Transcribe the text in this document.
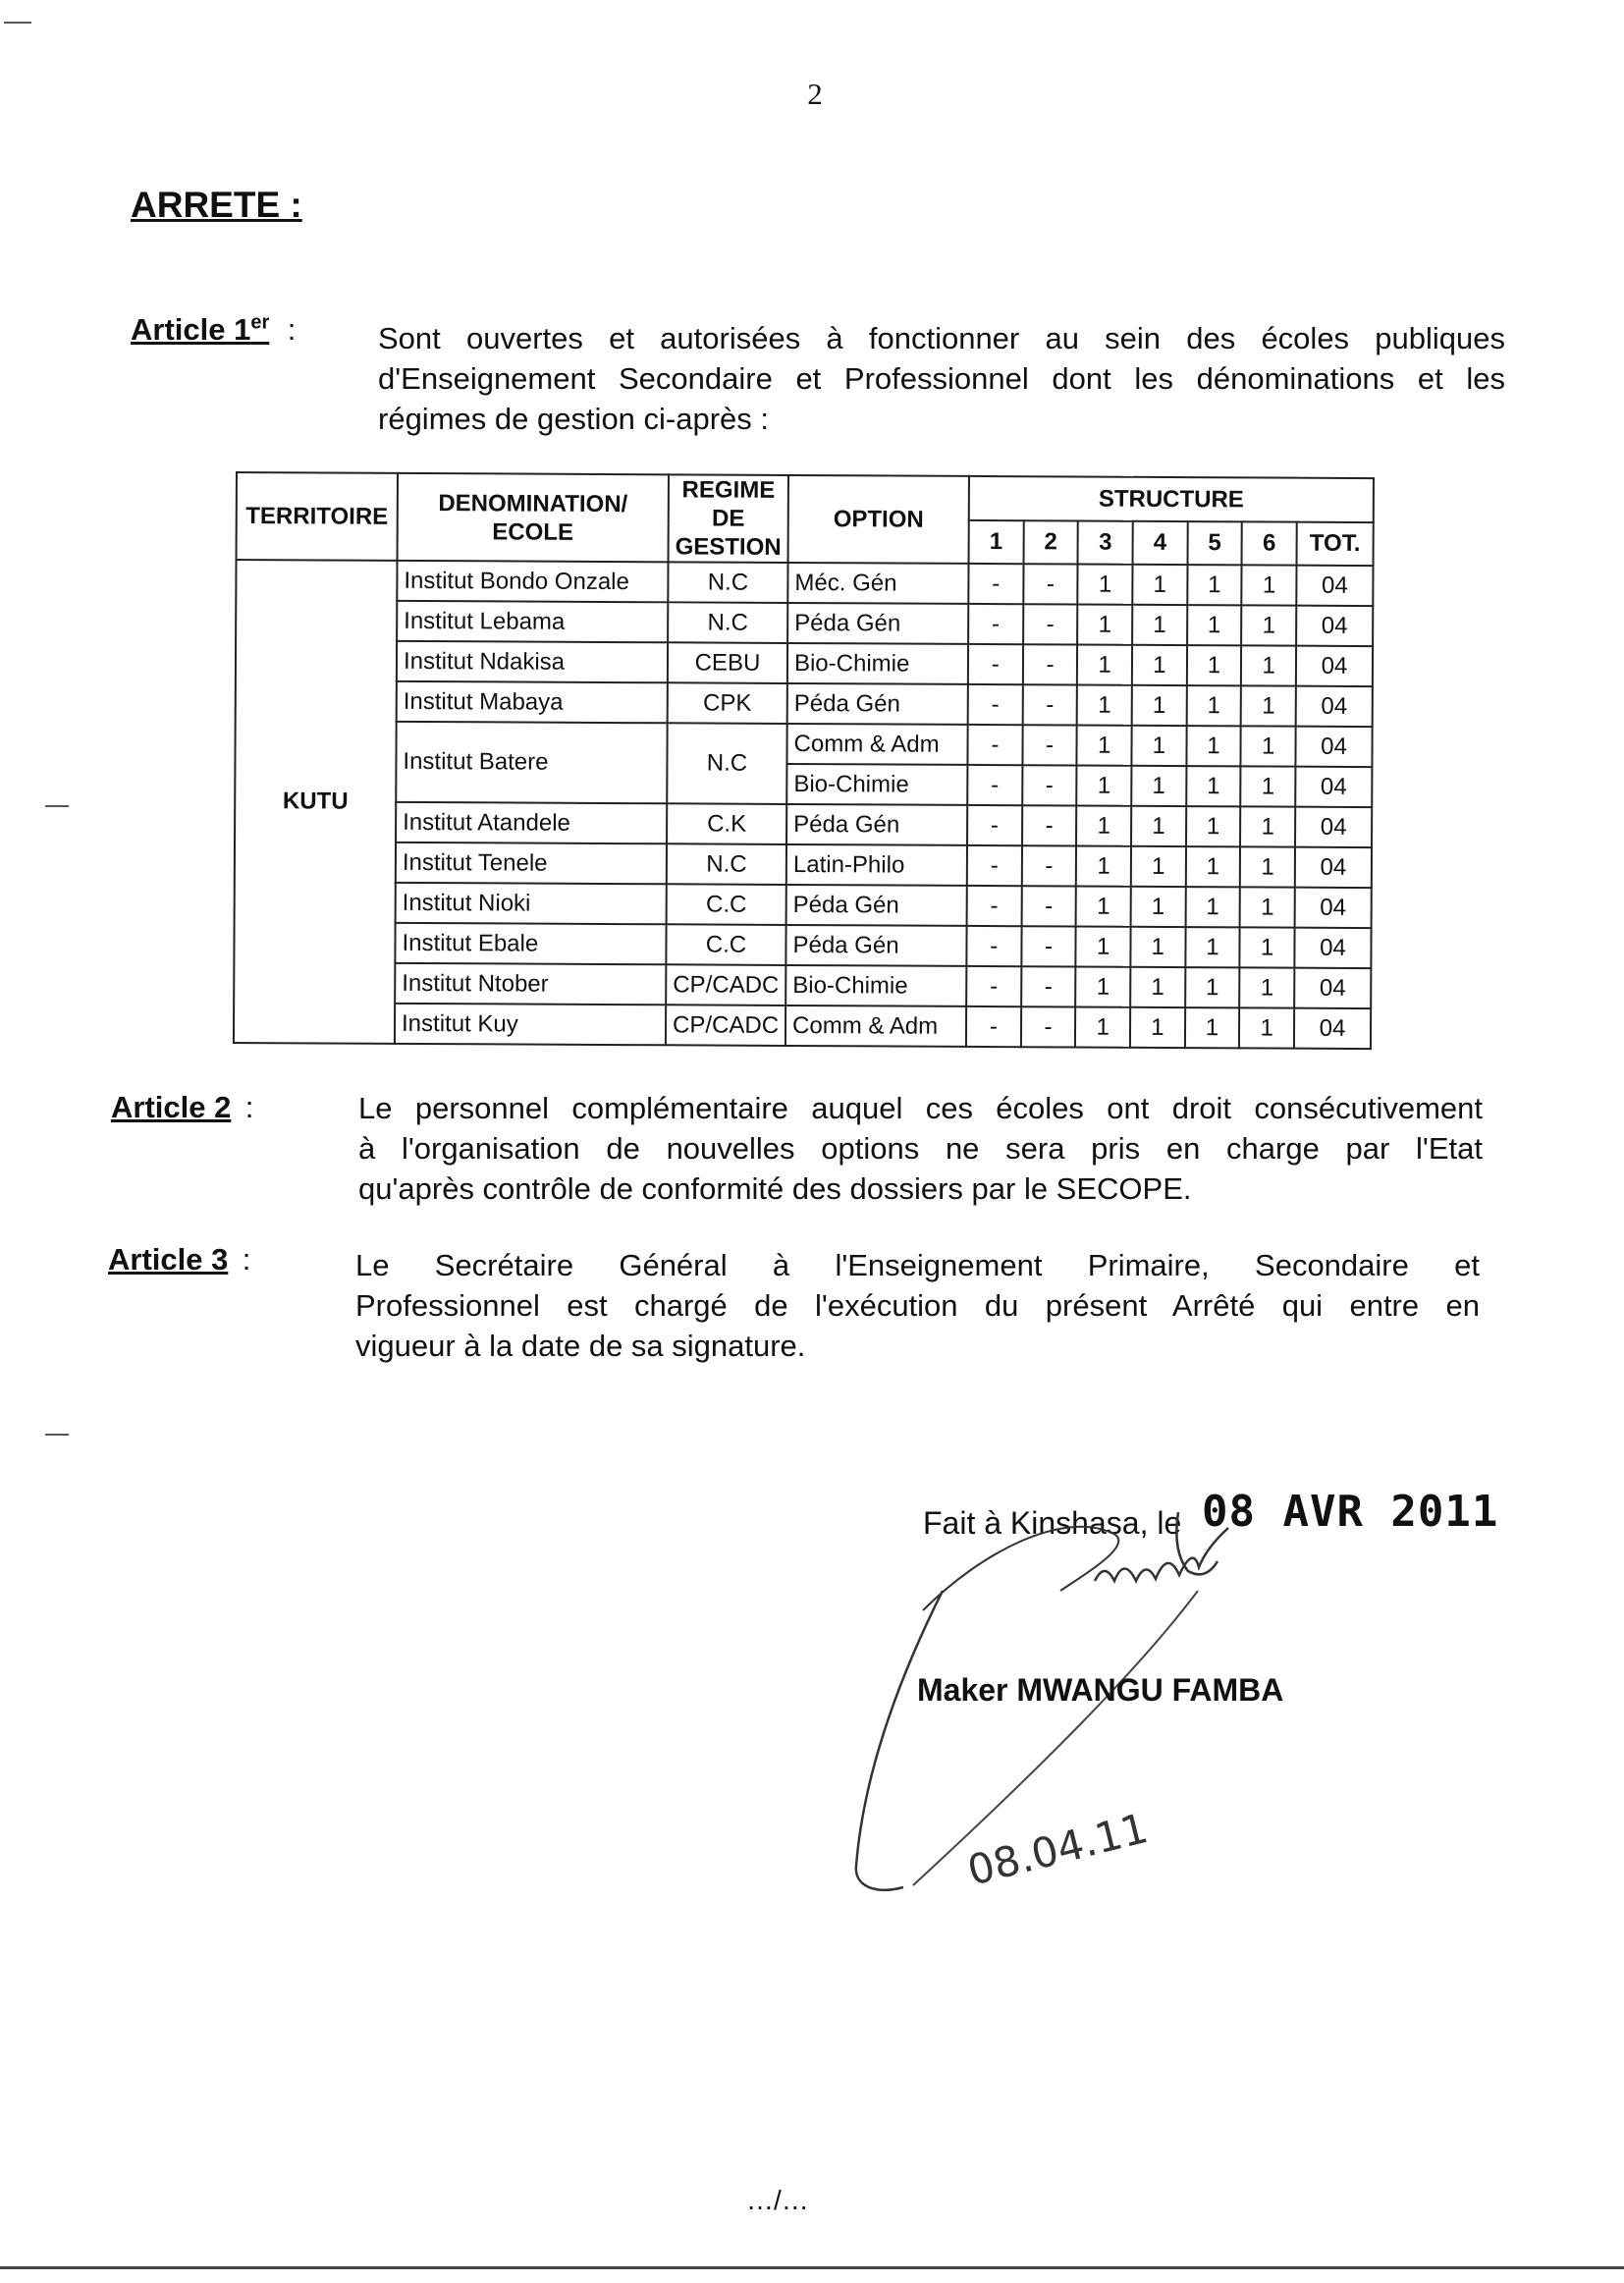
2
ARRETE :
Article 1er :	Sont ouvertes et autorisées à fonctionner au sein des écoles publiques
d'Enseignement Secondaire et Professionnel dont les dénominations et les
régimes de gestion ci-après :
TERRITOIRE	DENOMINATION/ ECOLE	REGIME DE GESTION	OPTION	STRUCTURE						
				1	2	3	4	5	6	TOT.
KUTU	Institut Bondo Onzale	N.C	Méc. Gén	-	-	1	1	1	1	04
	Institut Lebama	N.C	Péda Gén	-	-	1	1	1	1	04
	Institut Ndakisa	CEBU	Bio-Chimie	-	-	1	1	1	1	04
	Institut Mabaya	CPK	Péda Gén	-	-	1	1	1	1	04
	Institut Batere	N.C	Comm & Adm	-	-	1	1	1	1	04
			Bio-Chimie	-	-	1	1	1	1	04
	Institut Atandele	C.K	Péda Gén	-	-	1	1	1	1	04
	Institut Tenele	N.C	Latin-Philo	-	-	1	1	1	1	04
	Institut Nioki	C.C	Péda Gén	-	-	1	1	1	1	04
	Institut Ebale	C.C	Péda Gén	-	-	1	1	1	1	04
	Institut Ntober	CP/CADC	Bio-Chimie	-	-	1	1	1	1	04
	Institut Kuy	CP/CADC	Comm & Adm	-	-	1	1	1	1	04
Article 2 :	Le personnel complémentaire auquel ces écoles ont droit consécutivement
à l'organisation de nouvelles options ne sera pris en charge par l'Etat
qu'après contrôle de conformité des dossiers par le SECOPE.
Article 3 :	Le Secrétaire Général à l'Enseignement Primaire, Secondaire et
Professionnel est chargé de l'exécution du présent Arrêté qui entre en
vigueur à la date de sa signature.
Fait à Kinshasa, le 08 AVR 2011
08.04.11
Maker MWANGU FAMBA
…/…
